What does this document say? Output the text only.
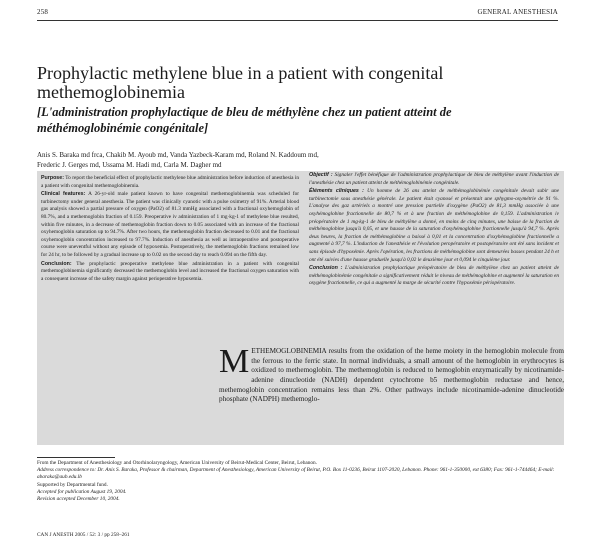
258	GENERAL ANESTHESIA
Prophylactic methylene blue in a patient with congenital methemoglobinemia
[L'administration prophylactique de bleu de méthylène chez un patient atteint de méthémoglobinémie congénitale]
Anis S. Baraka md frca, Chakib M. Ayoub md, Vanda Yazbeck-Karam md, Roland N. Kaddoum md,
Frederic J. Gerges md, Ussama M. Hadi md, Carla M. Dagher md

Purpose: To report the beneficial effect of prophylactic methylene blue administration before induction of anesthesia in a patient with congenital methemoglobinemia.

Clinical features: A 26-yr-old male patient known to have congenital methemoglobinemia was scheduled for turbinectomy under general anesthesia. The patient was clinically cyanotic with a pulse oximetry of 91%. Arterial blood gas analysis showed a partial pressure of oxygen (PaO2) of 81.3 mmHg associated with a fractional oxyhemoglobin of 80.7%, and a methemoglobin fraction of 0.159. Preoperative iv administration of 1 mg·kg-1 of methylene blue resulted, within five minutes, in a decrease of methemoglobin fraction down to 0.05 associated with an increase of the fractional oxyhemoglobin saturation up to 94.7%. After two hours, the methemoglobin fraction decreased to 0.01 and the fractional oxyhemoglobin concentration increased to 97.7%. Induction of anesthesia as well as intraoperative and postoperative course were uneventful without any episode of hypoxemia. Postoperatively, the methemoglobin fractions remained low for 24 hr, to be followed by a gradual increase up to 0.02 on the second day to reach 0.094 on the fifth day.

Conclusion: The prophylactic preoperative methylene blue administration in a patient with congenital methemoglobinemia significantly decreased the methemoglobin level and increased the fractional oxygen saturation with a consequent increase of the safety margin against perioperative hypoxemia.

Objectif : Signaler l'effet bénéfique de l'administration prophylactique de bleu de méthylène avant l'induction de l'anesthésie chez un patient atteint de méthémoglobinémie congénitale.

Éléments cliniques : Un homme de 26 ans atteint de méthémoglobinémie congénitale devait subir une turbinectomie sous anesthésie générale. Le patient était cyanosé et présentait une sphygmo-oxymétrie de 91 %. L'analyse des gaz artériels a montré une pression partielle d'oxygène (PaO2) de 81,3 mmHg associée à une oxyhémoglobine fractionnelle de 80,7 % et à une fraction de méthémoglobine de 0,159. L'administration iv préopératoire de 1 mg·kg-1 de bleu de méthylène a donné, en moins de cinq minutes, une baisse de la fraction de méthémoglobine jusqu'à 0,05, et une hausse de la saturation d'oxyhémoglobine fractionnelle jusqu'à 94,7 %. Après deux heures, la fraction de méthémoglobine a baissé à 0,01 et la concentration d'oxyhémoglobine fractionnelle a augmenté à 97,7 %. L'induction de l'anesthésie et l'évolution peropératoire et postopératoire ont été sans incident et sans épisode d'hypoxémie. Après l'opération, les fractions de méthémoglobine sont demeurées basses pendant 24 h et ont été suivies d'une hausse graduelle jusqu'à 0,02 le deuxième jour et 0,094 le cinquième jour.

Conclusion : L'administration prophylactique préopératoire de bleu de méthylène chez un patient atteint de méthémoglobinémie congénitale a significativement réduit le niveau de méthémoglobine et augmenté la saturation en oxygène fractionnelle, ce qui a augmenté la marge de sécurité contre l'hypoxémie périopératoire.

METHEMOGLOBINEMIA results from the oxidation of the heme moiety in the hemoglobin molecule from the ferrous to the ferric state. In normal individuals, a small amount of the hemoglobin in erythrocytes is oxidized to methemoglobin. The methemoglobin is reduced to hemoglobin enzymatically by nicotinamide-adenine dinucleotide (NADH) dependent cytochrome b5 methemoglobin reductase and hence, methemoglobin concentration remains less than 2%. Other pathways include nicotinamide-adenine dinucleotide phosphate (NADPH) methemoglo-

From the Department of Anesthesiology and Otorhinolaryngology, American University of Beirut-Medical Center, Beirut, Lebanon.

Address correspondence to: Dr. Anis S. Baraka, Professor & chairman, Department of Anesthesiology, American University of Beirut, P.O. Box 11-0236, Beirut 1107-2020, Lebanon. Phone: 961-1-350000, ext 6380; Fax: 961-1-744464; E-mail: abaraka@aub.edu.lb

Supported by Departmental fund.

Accepted for publication August 19, 2004.

Revision accepted December 10, 2004.

CAN J ANESTH 2005 / 52: 3 / pp 258–261
